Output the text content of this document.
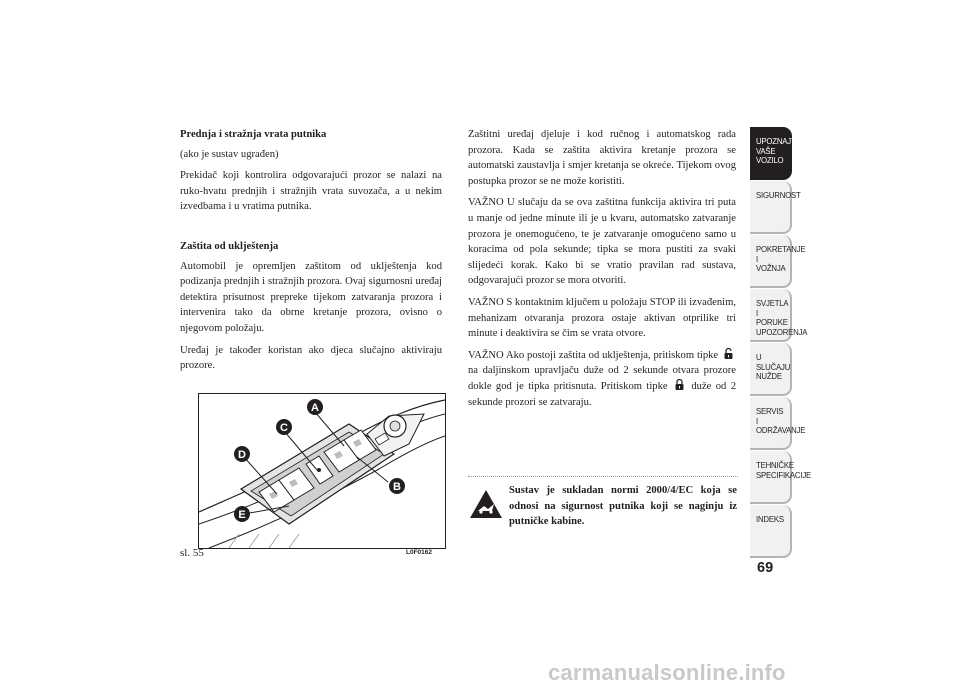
Prednja i stražnja vrata putnika

(ako je sustav ugrađen)

Prekidač koji kontrolira odgovarajući prozor se nalazi na ruko-hvatu prednjih i stražnjih vrata suvozača, a u nekim izvedbama i u vratima putnika.

Zaštita od uklještenja

Automobil je opremljen zaštitom od uklještenja kod podizanja prednjih i stražnjih prozora. Ovaj sigurnosni uređaj detektira prisutnost prepreke tijekom zatvaranja prozora i intervenira tako da obrne kretanje prozora, ovisno o njegovom položaju.

Uređaj je također koristan ako djeca slučajno aktiviraju prozore.

Zaštitni uređaj djeluje i kod ručnog i automatskog rada prozora. Kada se zaštita aktivira kretanje prozora se automatski zaustavlja i smjer kretanja se okreće. Tijekom ovog postupka prozor se ne može koristiti.

VAŽNO U slučaju da se ova zaštitna funkcija aktivira tri puta u manje od jedne minute ili je u kvaru, automatsko zatvaranje prozora je onemogućeno, te je zatvaranje omogućeno samo u koracima od pola sekunde; tipka se mora pustiti za svaki slijedeći korak. Kako bi se vratio pravilan rad sustava, odgovarajući prozor se mora otvoriti.

VAŽNO S kontaktnim ključem u položaju STOP ili izvađenim, mehanizam otvaranja prozora ostaje aktivan otprilike tri minute i deaktivira se čim se vrata otvore.

VAŽNO Ako postoji zaštita od uklještenja, pritiskom tipke
na daljinskom upravljaču duže od 2 sekunde otvara prozore dokle god je tipka pritisnuta. Pritiskom tipke duže od 2 sekunde prozori se zatvaraju.

A
B
C
D
E
sl. 55	L0F0162
Sustav je sukladan normi 2000/4/EC koja se odnosi na sigurnost putnika koji se naginju iz putničke kabine.
UPOZNAJTE
VAŠE
VOZILO
SIGURNOST
POKRETANJE
I
VOŽNJA
SVJETLA I
PORUKE
UPOZORENJA
U SLUČAJU
NUŽDE
SERVIS
I
ODRŽAVANJE
TEHNIČKE
SPECIFIKACIJE
INDEKS
69
carmanualsonline.info
